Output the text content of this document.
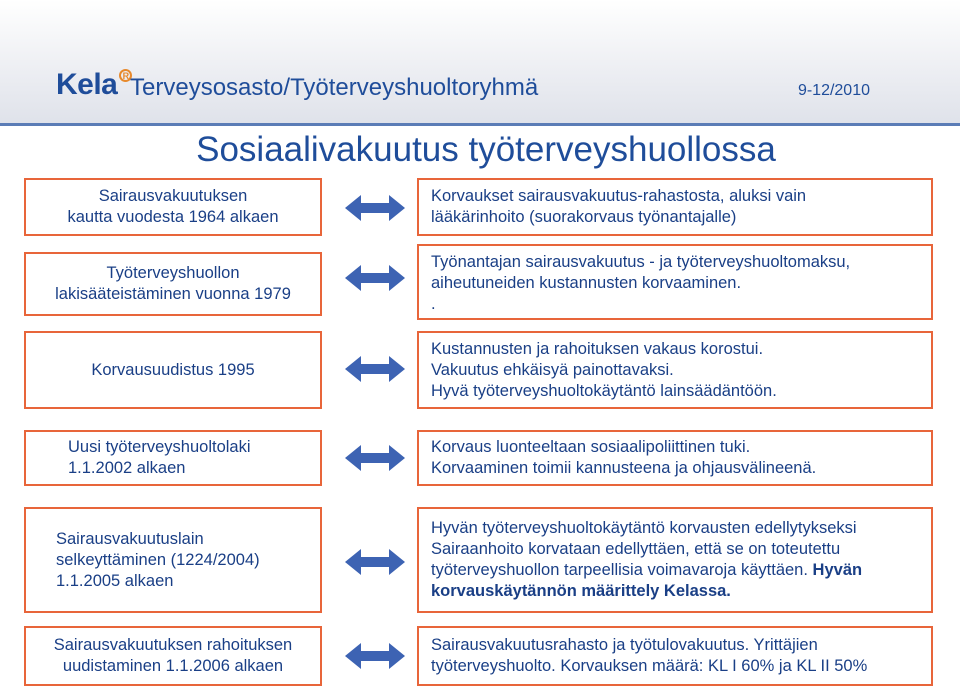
Kela R Terveysosasto/Työterveyshuoltoryhmä	9-12/2010
Sosiaalivakuutus työterveyshuollossa
Sairausvakuutuksen
kautta vuodesta 1964 alkaen
Korvaukset sairausvakuutus-rahastosta, aluksi vain
lääkärinhoito (suorakorvaus työnantajalle)
Työterveyshuollon
lakisääteistäminen vuonna 1979
Työnantajan sairausvakuutus - ja työterveyshuoltomaksu,
aiheutuneiden kustannusten korvaaminen.
.
Korvausuudistus 1995
Kustannusten ja rahoituksen vakaus korostui.
Vakuutus ehkäisyä painottavaksi.
Hyvä työterveyshuoltokäytäntö lainsäädäntöön.
Uusi työterveyshuoltolaki
1.1.2002 alkaen
Korvaus luonteeltaan sosiaalipoliittinen tuki.
Korvaaminen toimii kannusteena ja ohjausvälineenä.
Sairausvakuutuslain
selkeyttäminen (1224/2004)
1.1.2005 alkaen
Hyvän työterveyshuoltokäytäntö korvausten edellytykseksi
Sairaanhoito korvataan edellyttäen, että se on toteutettu
työterveyshuollon tarpeellisia voimavaroja käyttäen. Hyvän
korvauskäytännön määrittely Kelassa.
Sairausvakuutuksen rahoituksen
uudistaminen 1.1.2006 alkaen
Sairausvakuutusrahasto ja työtulovakuutus. Yrittäjien
työterveyshuolto. Korvauksen määrä: KL I 60% ja KL II 50%
